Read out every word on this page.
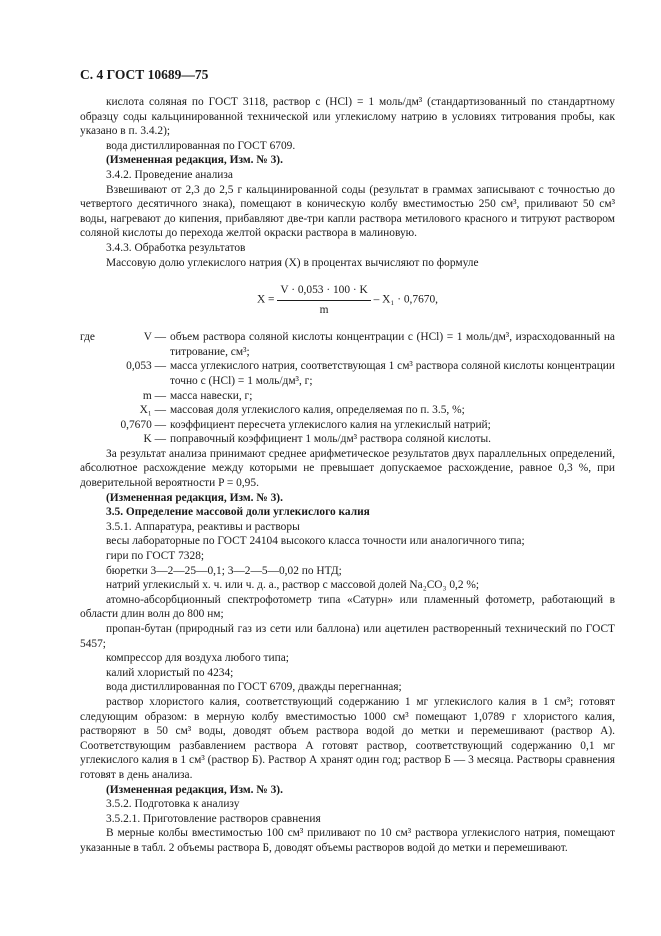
С. 4 ГОСТ 10689—75

кислота соляная по ГОСТ 3118, раствор c (HCl) = 1 моль/дм³ (стандартизованный по стандартному образцу соды кальцинированной технической или углекислому натрию в условиях титрования пробы, как указано в п. 3.4.2);

вода дистиллированная по ГОСТ 6709.

(Измененная редакция, Изм. № 3).

3.4.2. Проведение анализа

Взвешивают от 2,3 до 2,5 г кальцинированной соды (результат в граммах записывают с точностью до четвертого десятичного знака), помещают в коническую колбу вместимостью 250 см³, приливают 50 см³ воды, нагревают до кипения, прибавляют две-три капли раствора метилового красного и титруют раствором соляной кислоты до перехода желтой окраски раствора в малиновую.

3.4.3. Обработка результатов

Массовую долю углекислого натрия (X) в процентах вычисляют по формуле

$X = \frac{V \cdot 0,053 \cdot 100 \cdot K}{m} - X_1 \cdot 0,7670$,
где	V — объем раствора соляной кислоты концентрации c (HCl) = 1 моль/дм³, израсходованный на титрование, см³;
0,053 — масса углекислого натрия, соответствующая 1 см³ раствора соляной кислоты концентрации точно c (HCl) = 1 моль/дм³, г;
m — масса навески, г;
X₁ — массовая доля углекислого калия, определяемая по п. 3.5, %;
0,7670 — коэффициент пересчета углекислого калия на углекислый натрий;
K — поправочный коэффициент 1 моль/дм³ раствора соляной кислоты.

За результат анализа принимают среднее арифметическое результатов двух параллельных определений, абсолютное расхождение между которыми не превышает допускаемое расхождение, равное 0,3 %, при доверительной вероятности P = 0,95.

(Измененная редакция, Изм. № 3).

3.5. Определение массовой доли углекислого калия

3.5.1. Аппаратура, реактивы и растворы

весы лабораторные по ГОСТ 24104 высокого класса точности или аналогичного типа;

гири по ГОСТ 7328;

бюретки 3—2—25—0,1; 3—2—5—0,02 по НТД;

натрий углекислый х. ч. или ч. д. а., раствор с массовой долей Na₂CO₃ 0,2 %;

атомно-абсорбционный спектрофотометр типа «Сатурн» или пламенный фотометр, работающий в области длин волн до 800 нм;

пропан-бутан (природный газ из сети или баллона) или ацетилен растворенный технический по ГОСТ 5457;

компрессор для воздуха любого типа;

калий хлористый по 4234;

вода дистиллированная по ГОСТ 6709, дважды перегнанная;

раствор хлористого калия, соответствующий содержанию 1 мг углекислого калия в 1 см³; готовят следующим образом: в мерную колбу вместимостью 1000 см³ помещают 1,0789 г хлористого калия, растворяют в 50 см³ воды, доводят объем раствора водой до метки и перемешивают (раствор А). Соответствующим разбавлением раствора А готовят раствор, соответствующий содержанию 0,1 мг углекислого калия в 1 см³ (раствор Б). Раствор А хранят один год; раствор Б — 3 месяца. Растворы сравнения готовят в день анализа.

(Измененная редакция, Изм. № 3).

3.5.2. Подготовка к анализу

3.5.2.1. Приготовление растворов сравнения

В мерные колбы вместимостью 100 см³ приливают по 10 см³ раствора углекислого натрия, помещают указанные в табл. 2 объемы раствора Б, доводят объемы растворов водой до метки и перемешивают.
